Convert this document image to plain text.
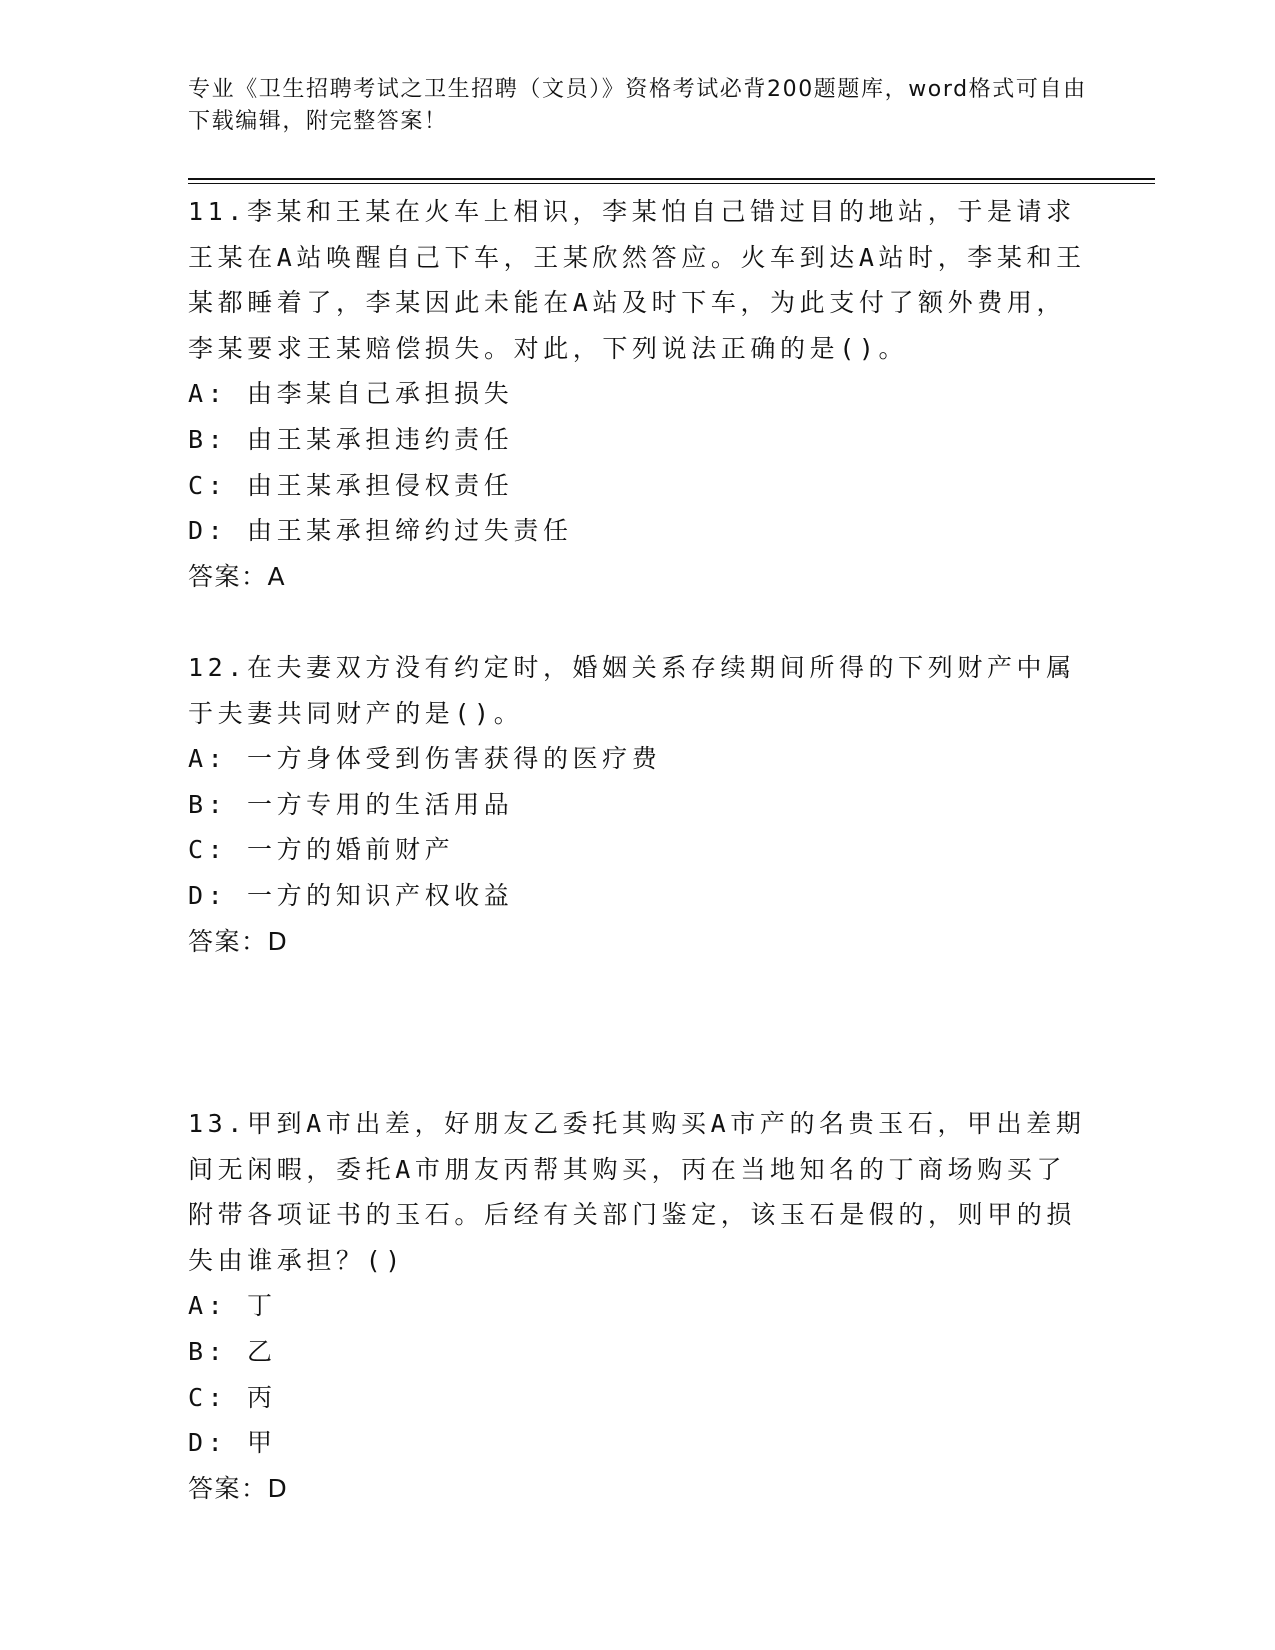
专业《卫生招聘考试之卫生招聘（文员）》资格考试必背200题题库，word格式可自由下载编辑，附完整答案！

11.李某和王某在火车上相识，李某怕自己错过目的地站，于是请求王某在A站唤醒自己下车，王某欣然答应。火车到达A站时，李某和王某都睡着了，李某因此未能在A站及时下车，为此支付了额外费用，李某要求王某赔偿损失。对此，下列说法正确的是()。

A: 由李某自己承担损失

B: 由王某承担违约责任

C: 由王某承担侵权责任

D: 由王某承担缔约过失责任

答案：A

12.在夫妻双方没有约定时，婚姻关系存续期间所得的下列财产中属于夫妻共同财产的是()。

A: 一方身体受到伤害获得的医疗费

B: 一方专用的生活用品

C: 一方的婚前财产

D: 一方的知识产权收益

答案：D

13.甲到A市出差，好朋友乙委托其购买A市产的名贵玉石，甲出差期间无闲暇，委托A市朋友丙帮其购买，丙在当地知名的丁商场购买了附带各项证书的玉石。后经有关部门鉴定，该玉石是假的，则甲的损失由谁承担？()

A: 丁

B: 乙

C: 丙

D: 甲

答案：D
